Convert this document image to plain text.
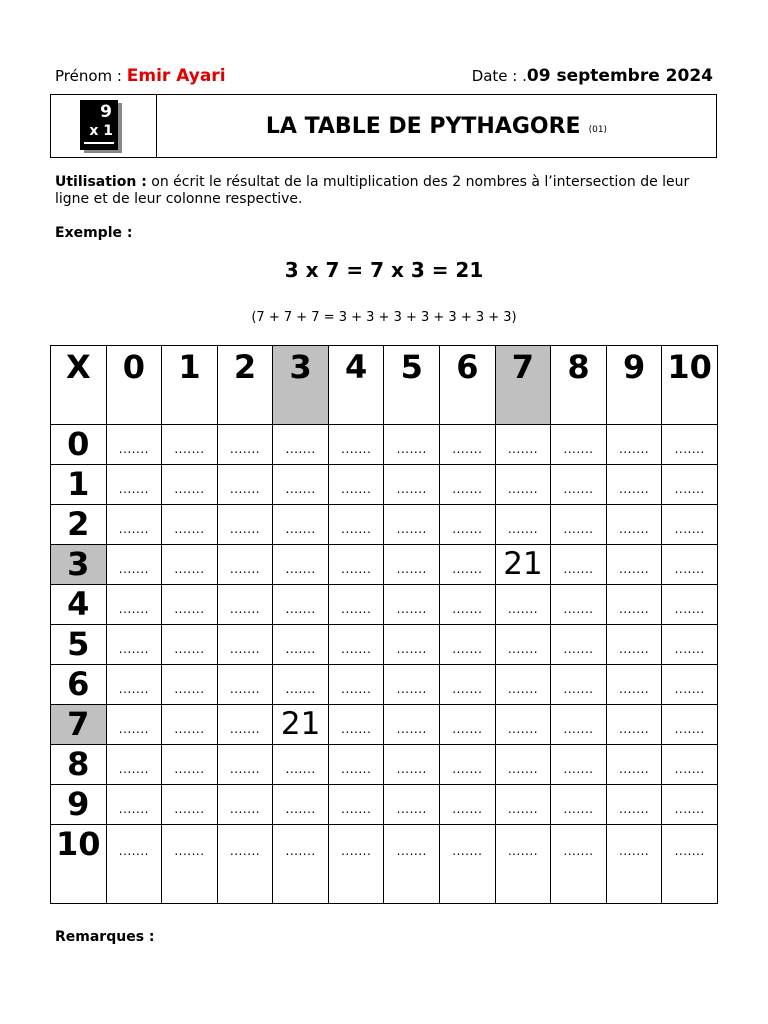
Prénom : Emir Ayari	Date : .09 septembre 2024
9
x 1	LA TABLE DE PYTHAGORE (01)
Utilisation : on écrit le résultat de la multiplication des 2 nombres à l’intersection de leur ligne et de leur colonne respective.
Exemple :
3 x 7 = 7 x 3 = 21
(7 + 7 + 7 = 3 + 3 + 3 + 3 + 3 + 3 + 3)
X	0	1	2	3	4	5	6	7	8	9	10

0	.......	.......	.......	.......	.......	.......	.......	.......	.......	.......	.......

1	.......	.......	.......	.......	.......	.......	.......	.......	.......	.......	.......

2	.......	.......	.......	.......	.......	.......	.......	.......	.......	.......	.......

3	.......	.......	.......	.......	.......	.......	.......	21	.......	.......	.......

4	.......	.......	.......	.......	.......	.......	.......	.......	.......	.......	.......

5	.......	.......	.......	.......	.......	.......	.......	.......	.......	.......	.......

6	.......	.......	.......	.......	.......	.......	.......	.......	.......	.......	.......

7	.......	.......	.......	21	.......	.......	.......	.......	.......	.......	.......

8	.......	.......	.......	.......	.......	.......	.......	.......	.......	.......	.......

9	.......	.......	.......	.......	.......	.......	.......	.......	.......	.......	.......

10	.......	.......	.......	.......	.......	.......	.......	.......	.......	.......	.......
Remarques :
